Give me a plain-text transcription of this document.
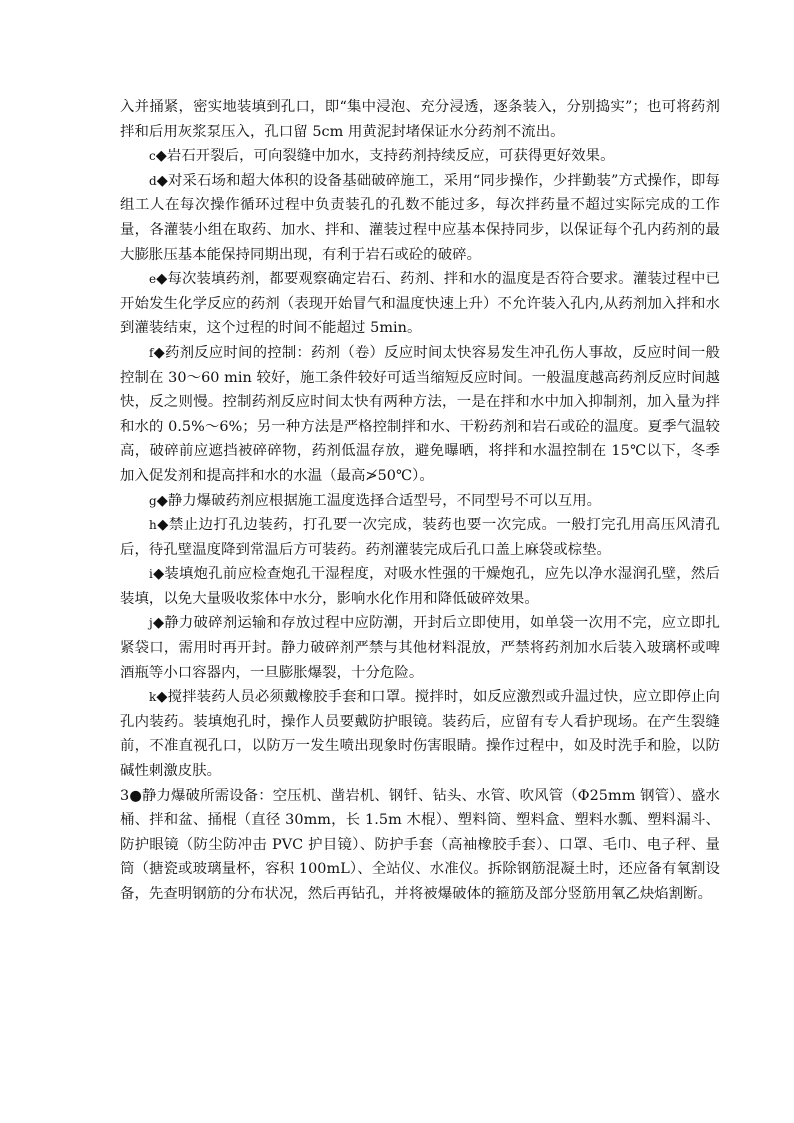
入并捅紧，密实地装填到孔口，即“集中浸泡、充分浸透，逐条装入，分别捣实”；也可将药剂拌和后用灰浆泵压入，孔口留 5cm 用黄泥封堵保证水分药剂不流出。

c◆岩石开裂后，可向裂缝中加水，支持药剂持续反应，可获得更好效果。

d◆对采石场和超大体积的设备基础破碎施工，采用“同步操作，少拌勤装”方式操作，即每组工人在每次操作循环过程中负责装孔的孔数不能过多，每次拌药量不超过实际完成的工作量，各灌装小组在取药、加水、拌和、灌装过程中应基本保持同步，以保证每个孔内药剂的最大膨胀压基本能保持同期出现，有利于岩石或砼的破碎。

e◆每次装填药剂，都要观察确定岩石、药剂、拌和水的温度是否符合要求。灌装过程中已开始发生化学反应的药剂（表现开始冒气和温度快速上升）不允许装入孔内,从药剂加入拌和水到灌装结束，这个过程的时间不能超过 5min。

f◆药剂反应时间的控制：药剂（卷）反应时间太快容易发生冲孔伤人事故，反应时间一般控制在 30～60 min 较好，施工条件较好可适当缩短反应时间。一般温度越高药剂反应时间越快，反之则慢。控制药剂反应时间太快有两种方法，一是在拌和水中加入抑制剂，加入量为拌和水的 0.5%～6%；另一种方法是严格控制拌和水、干粉药剂和岩石或砼的温度。夏季气温较高，破碎前应遮挡被碎碎物，药剂低温存放，避免曝晒，将拌和水温控制在 15℃以下，冬季加入促发剂和提高拌和水的水温（最高≯50℃）。

g◆静力爆破药剂应根据施工温度选择合适型号，不同型号不可以互用。

h◆禁止边打孔边装药，打孔要一次完成，装药也要一次完成。一般打完孔用高压风清孔后，待孔壁温度降到常温后方可装药。药剂灌装完成后孔口盖上麻袋或棕垫。

i◆装填炮孔前应检查炮孔干湿程度，对吸水性强的干燥炮孔，应先以净水湿润孔壁，然后装填，以免大量吸收浆体中水分，影响水化作用和降低破碎效果。

j◆静力破碎剂运输和存放过程中应防潮，开封后立即使用，如单袋一次用不完，应立即扎紧袋口，需用时再开封。静力破碎剂严禁与其他材料混放，严禁将药剂加水后装入玻璃杯或啤酒瓶等小口容器内，一旦膨胀爆裂，十分危险。

k◆搅拌装药人员必须戴橡胶手套和口罩。搅拌时，如反应激烈或升温过快，应立即停止向孔内装药。装填炮孔时，操作人员要戴防护眼镜。装药后，应留有专人看护现场。在产生裂缝前，不准直视孔口，以防万一发生喷出现象时伤害眼睛。操作过程中，如及时洗手和脸，以防碱性刺激皮肤。

3●静力爆破所需设备：空压机、凿岩机、钢钎、钻头、水管、吹风管（Φ25mm 钢管）、盛水桶、拌和盆、捅棍（直径 30mm，长 1.5m 木棍）、塑料筒、塑料盒、塑料水瓢、塑料漏斗、防护眼镜（防尘防冲击 PVC 护目镜）、防护手套（高袖橡胶手套）、口罩、毛巾、电子秤、量筒（搪瓷或玻璃量杯，容积 100mL）、全站仪、水准仪。拆除钢筋混凝土时，还应备有氧割设备，先查明钢筋的分布状况，然后再钻孔，并将被爆破体的箍筋及部分竖筋用氧乙炔焰割断。
